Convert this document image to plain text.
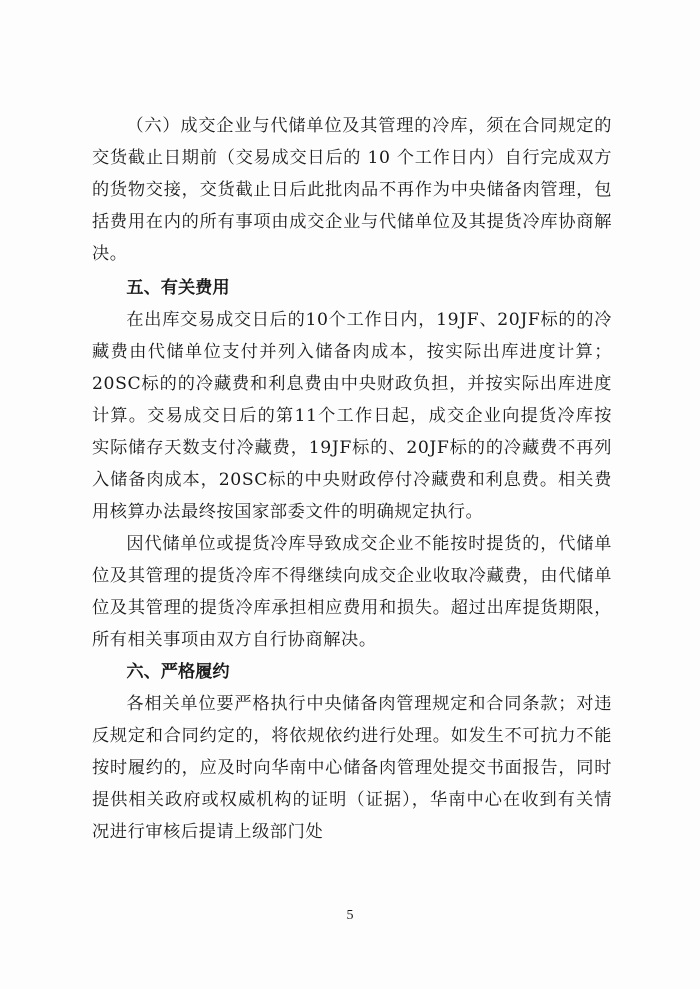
（六）成交企业与代储单位及其管理的冷库，须在合同规定的交货截止日期前（交易成交日后的 10 个工作日内）自行完成双方的货物交接，交货截止日后此批肉品不再作为中央储备肉管理，包括费用在内的所有事项由成交企业与代储单位及其提货冷库协商解决。

五、有关费用

在出库交易成交日后的10个工作日内，19JF、20JF标的的冷藏费由代储单位支付并列入储备肉成本，按实际出库进度计算；20SC标的的冷藏费和利息费由中央财政负担，并按实际出库进度计算。交易成交日后的第11个工作日起，成交企业向提货冷库按实际储存天数支付冷藏费，19JF标的、20JF标的的冷藏费不再列入储备肉成本，20SC标的中央财政停付冷藏费和利息费。相关费用核算办法最终按国家部委文件的明确规定执行。

因代储单位或提货冷库导致成交企业不能按时提货的，代储单位及其管理的提货冷库不得继续向成交企业收取冷藏费，由代储单位及其管理的提货冷库承担相应费用和损失。超过出库提货期限，所有相关事项由双方自行协商解决。

六、严格履约

各相关单位要严格执行中央储备肉管理规定和合同条款；对违反规定和合同约定的，将依规依约进行处理。如发生不可抗力不能按时履约的，应及时向华南中心储备肉管理处提交书面报告，同时提供相关政府或权威机构的证明（证据），华南中心在收到有关情况进行审核后提请上级部门处

5
